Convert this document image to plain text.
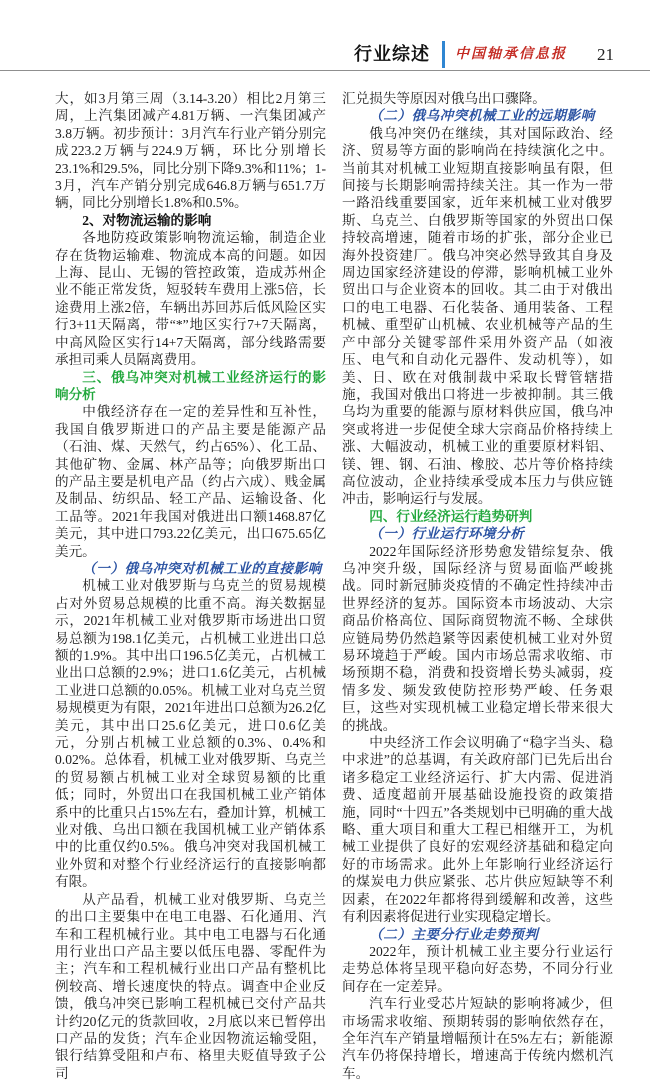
行业综述 中国轴承信息报 21

大，如3月第三周（3.14-3.20）相比2月第三周，上汽集团减产4.81万辆、一汽集团减产3.8万辆。初步预计：3月汽车行业产销分别完成223.2万辆与224.9万辆，环比分别增长23.1%和29.5%，同比分别下降9.3%和11%；1-3月，汽车产销分别完成646.8万辆与651.7万辆，同比分别增长1.8%和0.5%。

2、对物流运输的影响

各地防疫政策影响物流运输，制造企业存在货物运输难、物流成本高的问题。如因上海、昆山、无锡的管控政策，造成苏州企业不能正常发货，短驳转车费用上涨5倍，长途费用上涨2倍，车辆出苏回苏后低风险区实行3+11天隔离，带“*”地区实行7+7天隔离，中高风险区实行14+7天隔离，部分线路需要承担司乘人员隔离费用。

三、俄乌冲突对机械工业经济运行的影响分析

中俄经济存在一定的差异性和互补性，我国自俄罗斯进口的产品主要是能源产品（石油、煤、天然气，约占65%）、化工品、其他矿物、金属、林产品等；向俄罗斯出口的产品主要是机电产品（约占六成）、贱金属及制品、纺织品、轻工产品、运输设备、化工品等。2021年我国对俄进出口额1468.87亿美元，其中进口793.22亿美元，出口675.65亿美元。

（一）俄乌冲突对机械工业的直接影响

机械工业对俄罗斯与乌克兰的贸易规模占对外贸易总规模的比重不高。海关数据显示，2021年机械工业对俄罗斯市场进出口贸易总额为198.1亿美元，占机械工业进出口总额的1.9%。其中出口196.5亿美元，占机械工业出口总额的2.9%；进口1.6亿美元，占机械工业进口总额的0.05%。机械工业对乌克兰贸易规模更为有限，2021年进出口总额为26.2亿美元，其中出口25.6亿美元，进口0.6亿美元，分别占机械工业总额的0.3%、0.4%和0.02%。总体看，机械工业对俄罗斯、乌克兰的贸易额占机械工业对全球贸易额的比重低；同时，外贸出口在我国机械工业产销体系中的比重只占15%左右，叠加计算，机械工业对俄、乌出口额在我国机械工业产销体系中的比重仅约0.5%。俄乌冲突对我国机械工业外贸和对整个行业经济运行的直接影响都有限。

从产品看，机械工业对俄罗斯、乌克兰的出口主要集中在电工电器、石化通用、汽车和工程机械行业。其中电工电器与石化通用行业出口产品主要以低压电器、零配件为主；汽车和工程机械行业出口产品有整机比例较高、增长速度快的特点。调查中企业反馈，俄乌冲突已影响工程机械已交付产品共计约20亿元的货款回收，2月底以来已暂停出口产品的发货；汽车企业因物流运输受阻，银行结算受阻和卢布、格里夫贬值导致子公司

汇兑损失等原因对俄乌出口骤降。

（二）俄乌冲突机械工业的远期影响

俄乌冲突仍在继续，其对国际政治、经济、贸易等方面的影响尚在持续演化之中。当前其对机械工业短期直接影响虽有限，但间接与长期影响需持续关注。其一作为一带一路沿线重要国家，近年来机械工业对俄罗斯、乌克兰、白俄罗斯等国家的外贸出口保持较高增速，随着市场的扩张，部分企业已海外投资建厂。俄乌冲突必然导致其自身及周边国家经济建设的停滞，影响机械工业外贸出口与企业资本的回收。其二由于对俄出口的电工电器、石化装备、通用装备、工程机械、重型矿山机械、农业机械等产品的生产中部分关键零部件采用外资产品（如液压、电气和自动化元器件、发动机等），如美、日、欧在对俄制裁中采取长臂管辖措施，我国对俄出口将进一步被抑制。其三俄乌均为重要的能源与原材料供应国，俄乌冲突或将进一步促使全球大宗商品价格持续上涨、大幅波动，机械工业的重要原材料铝、镁、锂、钢、石油、橡胶、芯片等价格持续高位波动，企业持续承受成本压力与供应链冲击，影响运行与发展。

四、行业经济运行趋势研判

（一）行业运行环境分析

2022年国际经济形势愈发错综复杂、俄乌冲突升级，国际经济与贸易面临严峻挑战。同时新冠肺炎疫情的不确定性持续冲击世界经济的复苏。国际资本市场波动、大宗商品价格高位、国际商贸物流不畅、全球供应链局势仍然趋紧等因素使机械工业对外贸易环境趋于严峻。国内市场总需求收缩、市场预期不稳，消费和投资增长势头减弱，疫情多发、频发致使防控形势严峻、任务艰巨，这些对实现机械工业稳定增长带来很大的挑战。

中央经济工作会议明确了“稳字当头、稳中求进”的总基调，有关政府部门已先后出台诸多稳定工业经济运行、扩大内需、促进消费、适度超前开展基础设施投资的政策措施，同时“十四五”各类规划中已明确的重大战略、重大项目和重大工程已相继开工，为机械工业提供了良好的宏观经济基础和稳定向好的市场需求。此外上年影响行业经济运行的煤炭电力供应紧张、芯片供应短缺等不利因素，在2022年都将得到缓解和改善，这些有利因素将促进行业实现稳定增长。

（二）主要分行业走势预判

2022年，预计机械工业主要分行业运行走势总体将呈现平稳向好态势，不同分行业间存在一定差异。

汽车行业受芯片短缺的影响将减少，但市场需求收缩、预期转弱的影响依然存在，全年汽车产销量增幅预计在5%左右；新能源汽车仍将保持增长，增速高于传统内燃机汽车。
